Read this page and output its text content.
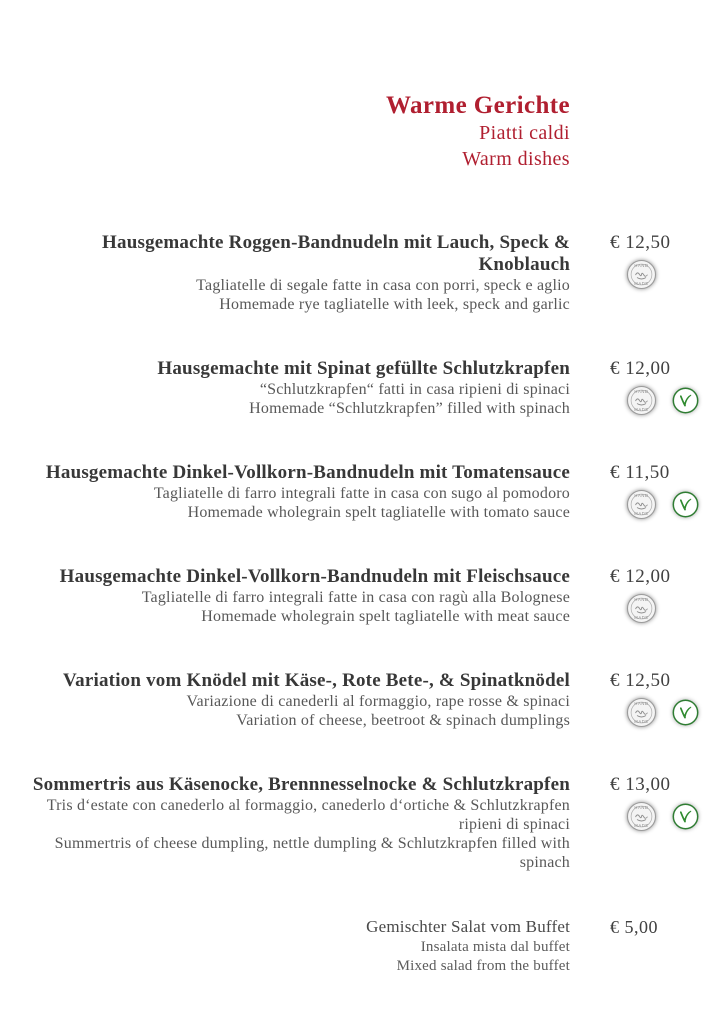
Warme Gerichte
Piatti caldi
Warm dishes
Hausgemachte Roggen-Bandnudeln mit Lauch, Speck & Knoblauch
Tagliatelle di segale fatte in casa con porri, speck e aglio
Homemade rye tagliatelle with leek, speck and garlic
€ 12,50
HAND
MADE
Hausgemachte mit Spinat gefüllte Schlutzkrapfen
“Schlutzkrapfen“ fatti in casa ripieni di spinaci
Homemade “Schlutzkrapfen” filled with spinach
€ 12,00
HAND
MADE
Hausgemachte Dinkel-Vollkorn-Bandnudeln mit Tomatensauce
Tagliatelle di farro integrali fatte in casa con sugo al pomodoro
Homemade wholegrain spelt tagliatelle with tomato sauce
€ 11,50
HAND
MADE
Hausgemachte Dinkel-Vollkorn-Bandnudeln mit Fleischsauce
Tagliatelle di farro integrali fatte in casa con ragù alla Bolognese
Homemade wholegrain spelt tagliatelle with meat sauce
€ 12,00
HAND
MADE
Variation vom Knödel mit Käse-, Rote Bete-, & Spinatknödel
Variazione di canederli al formaggio, rape rosse & spinaci
Variation of cheese, beetroot & spinach dumplings
€ 12,50
HAND
MADE
Sommertris aus Käsenocke, Brennnesselnocke & Schlutzkrapfen
Tris d‘estate con canederlo al formaggio, canederlo d‘ortiche & Schlutzkrapfen ripieni di spinaci
Summertris of cheese dumpling, nettle dumpling & Schlutzkrapfen filled with spinach
€ 13,00
HAND
MADE
Gemischter Salat vom Buffet
Insalata mista dal buffet
Mixed salad from the buffet
€ 5,00
